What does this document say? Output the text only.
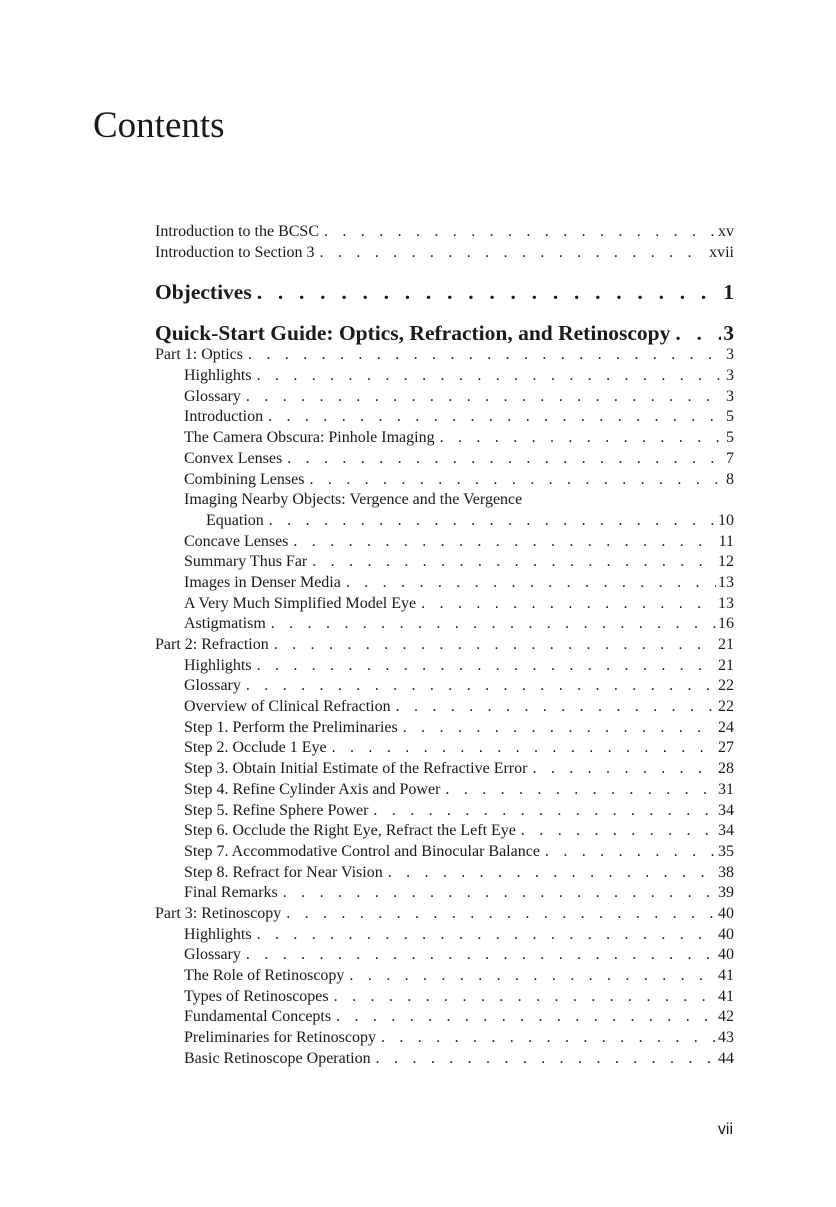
Contents
Introduction to the BCSC . . .	xv
Introduction to Section 3 . . .	xvii
Objectives . . .	1
Quick-Start Guide: Optics, Refraction, and Retinoscopy . . . 3
Part 1: Optics . . .	3
Highlights . . .	3
Glossary . . .	3
Introduction . . .	5
The Camera Obscura: Pinhole Imaging . . .	5
Convex Lenses . . .	7
Combining Lenses . . .	8
Imaging Nearby Objects: Vergence and the Vergence
Equation . . .	10
Concave Lenses . . .	11
Summary Thus Far . . .	12
Images in Denser Media . . .	13
A Very Much Simplified Model Eye . . .	13
Astigmatism . . .	16
Part 2: Refraction . . .	21
Highlights . . .	21
Glossary . . .	22
Overview of Clinical Refraction . . .	22
Step 1. Perform the Preliminaries . . .	24
Step 2. Occlude 1 Eye . . .	27
Step 3. Obtain Initial Estimate of the Refractive Error . . .	28
Step 4. Refine Cylinder Axis and Power . . .	31
Step 5. Refine Sphere Power . . .	34
Step 6. Occlude the Right Eye, Refract the Left Eye . . .	34
Step 7. Accommodative Control and Binocular Balance . . .	35
Step 8. Refract for Near Vision . . .	38
Final Remarks . . .	39
Part 3: Retinoscopy . . .	40
Highlights . . .	40
Glossary . . .	40
The Role of Retinoscopy . . .	41
Types of Retinoscopes . . .	41
Fundamental Concepts . . .	42
Preliminaries for Retinoscopy . . .	43
Basic Retinoscope Operation . . .	44
vii
